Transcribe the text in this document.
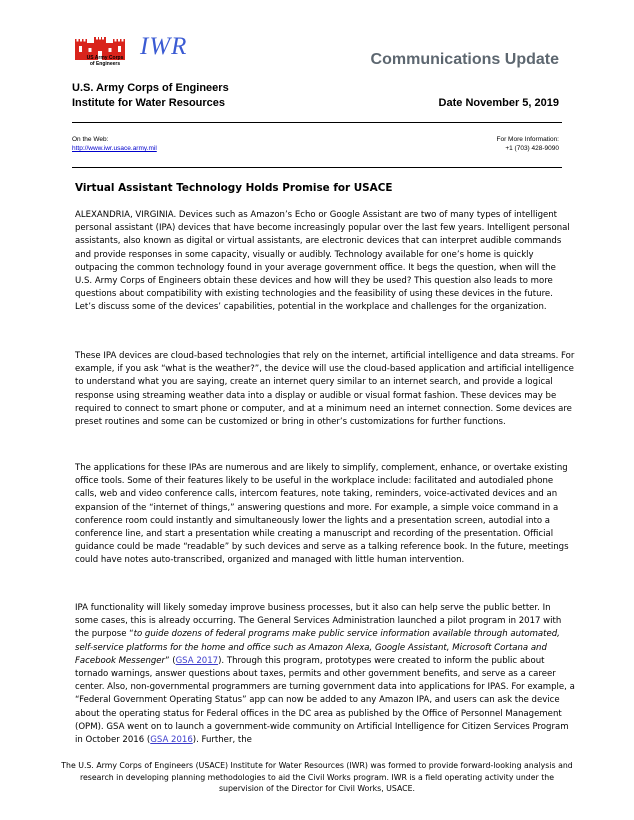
US Army Corps
of Engineers
IWR	Communications Update
U.S. Army Corps of Engineers
Institute for Water Resources	Date November 5, 2019
On the Web:
http://www.iwr.usace.army.mil
For More Information:
+1 (703) 428-9090
Virtual Assistant Technology Holds Promise for USACE

ALEXANDRIA, VIRGINIA. Devices such as Amazon’s Echo or Google Assistant are two of many types of intelligent personal assistant (IPA) devices that have become increasingly popular over the last few years. Intelligent personal assistants, also known as digital or virtual assistants, are electronic devices that can interpret audible commands and provide responses in some capacity, visually or audibly. Technology available for one’s home is quickly outpacing the common technology found in your average government office. It begs the question, when will the U.S. Army Corps of Engineers obtain these devices and how will they be used? This question also leads to more questions about compatibility with existing technologies and the feasibility of using these devices in the future. Let’s discuss some of the devices’ capabilities, potential in the workplace and challenges for the organization.

These IPA devices are cloud-based technologies that rely on the internet, artificial intelligence and data streams. For example, if you ask “what is the weather?”, the device will use the cloud-based application and artificial intelligence to understand what you are saying, create an internet query similar to an internet search, and provide a logical response using streaming weather data into a display or audible or visual format fashion. These devices may be required to connect to smart phone or computer, and at a minimum need an internet connection. Some devices are preset routines and some can be customized or bring in other’s customizations for further functions.

The applications for these IPAs are numerous and are likely to simplify, complement, enhance, or overtake existing office tools. Some of their features likely to be useful in the workplace include: facilitated and autodialed phone calls, web and video conference calls, intercom features, note taking, reminders, voice-activated devices and an expansion of the “internet of things,” answering questions and more. For example, a simple voice command in a conference room could instantly and simultaneously lower the lights and a presentation screen, autodial into a conference line, and start a presentation while creating a manuscript and recording of the presentation. Official guidance could be made “readable” by such devices and serve as a talking reference book. In the future, meetings could have notes auto-transcribed, organized and managed with little human intervention.

IPA functionality will likely someday improve business processes, but it also can help serve the public better. In some cases, this is already occurring. The General Services Administration launched a pilot program in 2017 with the purpose “to guide dozens of federal programs make public service information available through automated, self-service platforms for the home and office such as Amazon Alexa, Google Assistant, Microsoft Cortana and Facebook Messenger” (GSA 2017). Through this program, prototypes were created to inform the public about tornado warnings, answer questions about taxes, permits and other government benefits, and serve as a career center. Also, non-governmental programmers are turning government data into applications for IPAS. For example, a “Federal Government Operating Status” app can now be added to any Amazon IPA, and users can ask the device about the operating status for Federal offices in the DC area as published by the Office of Personnel Management (OPM). GSA went on to launch a government-wide community on Artificial Intelligence for Citizen Services Program in October 2016 (GSA 2016). Further, the

The U.S. Army Corps of Engineers (USACE) Institute for Water Resources (IWR) was formed to provide forward-looking analysis and research in developing planning methodologies to aid the Civil Works program. IWR is a field operating activity under the supervision of the Director for Civil Works, USACE.
